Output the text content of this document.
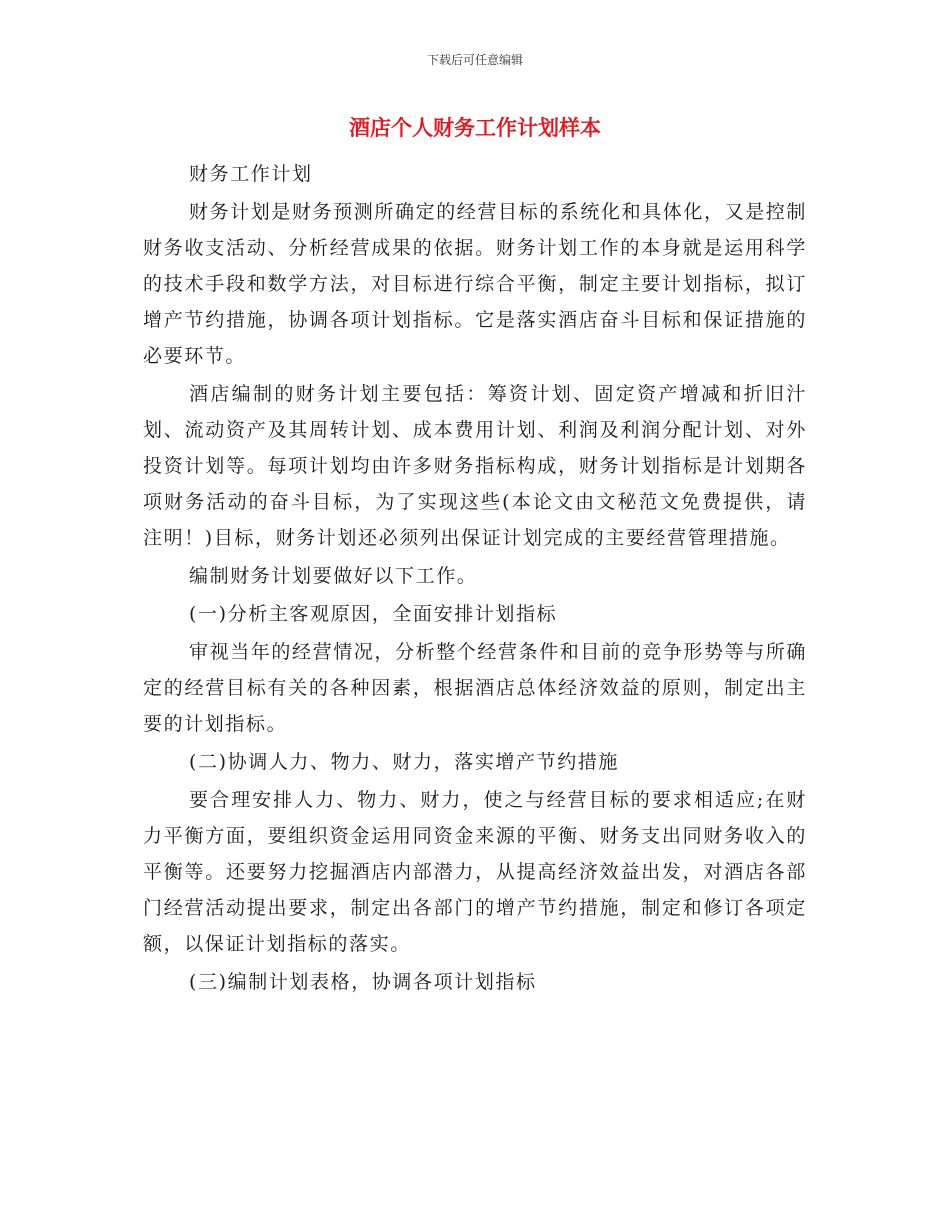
下载后可任意编辑
酒店个人财务工作计划样本

财务工作计划

财务计划是财务预测所确定的经营目标的系统化和具体化，又是控制财务收支活动、分析经营成果的依据。财务计划工作的本身就是运用科学的技术手段和数学方法，对目标进行综合平衡，制定主要计划指标，拟订增产节约措施，协调各项计划指标。它是落实酒店奋斗目标和保证措施的必要环节。

酒店编制的财务计划主要包括：筹资计划、固定资产增减和折旧汁划、流动资产及其周转计划、成本费用计划、利润及利润分配计划、对外投资计划等。每项计划均由许多财务指标构成，财务计划指标是计划期各项财务活动的奋斗目标，为了实现这些(本论文由文秘范文免费提供，请注明！)目标，财务计划还必须列出保证计划完成的主要经营管理措施。

编制财务计划要做好以下工作。

(一)分析主客观原因，全面安排计划指标

审视当年的经营情况，分析整个经营条件和目前的竞争形势等与所确定的经营目标有关的各种因素，根据酒店总体经济效益的原则，制定出主要的计划指标。

(二)协调人力、物力、财力，落实增产节约措施

要合理安排人力、物力、财力，使之与经营目标的要求相适应;在财力平衡方面，要组织资金运用同资金来源的平衡、财务支出同财务收入的平衡等。还要努力挖掘酒店内部潜力，从提高经济效益出发，对酒店各部门经营活动提出要求，制定出各部门的增产节约措施，制定和修订各项定额，以保证计划指标的落实。

(三)编制计划表格，协调各项计划指标
